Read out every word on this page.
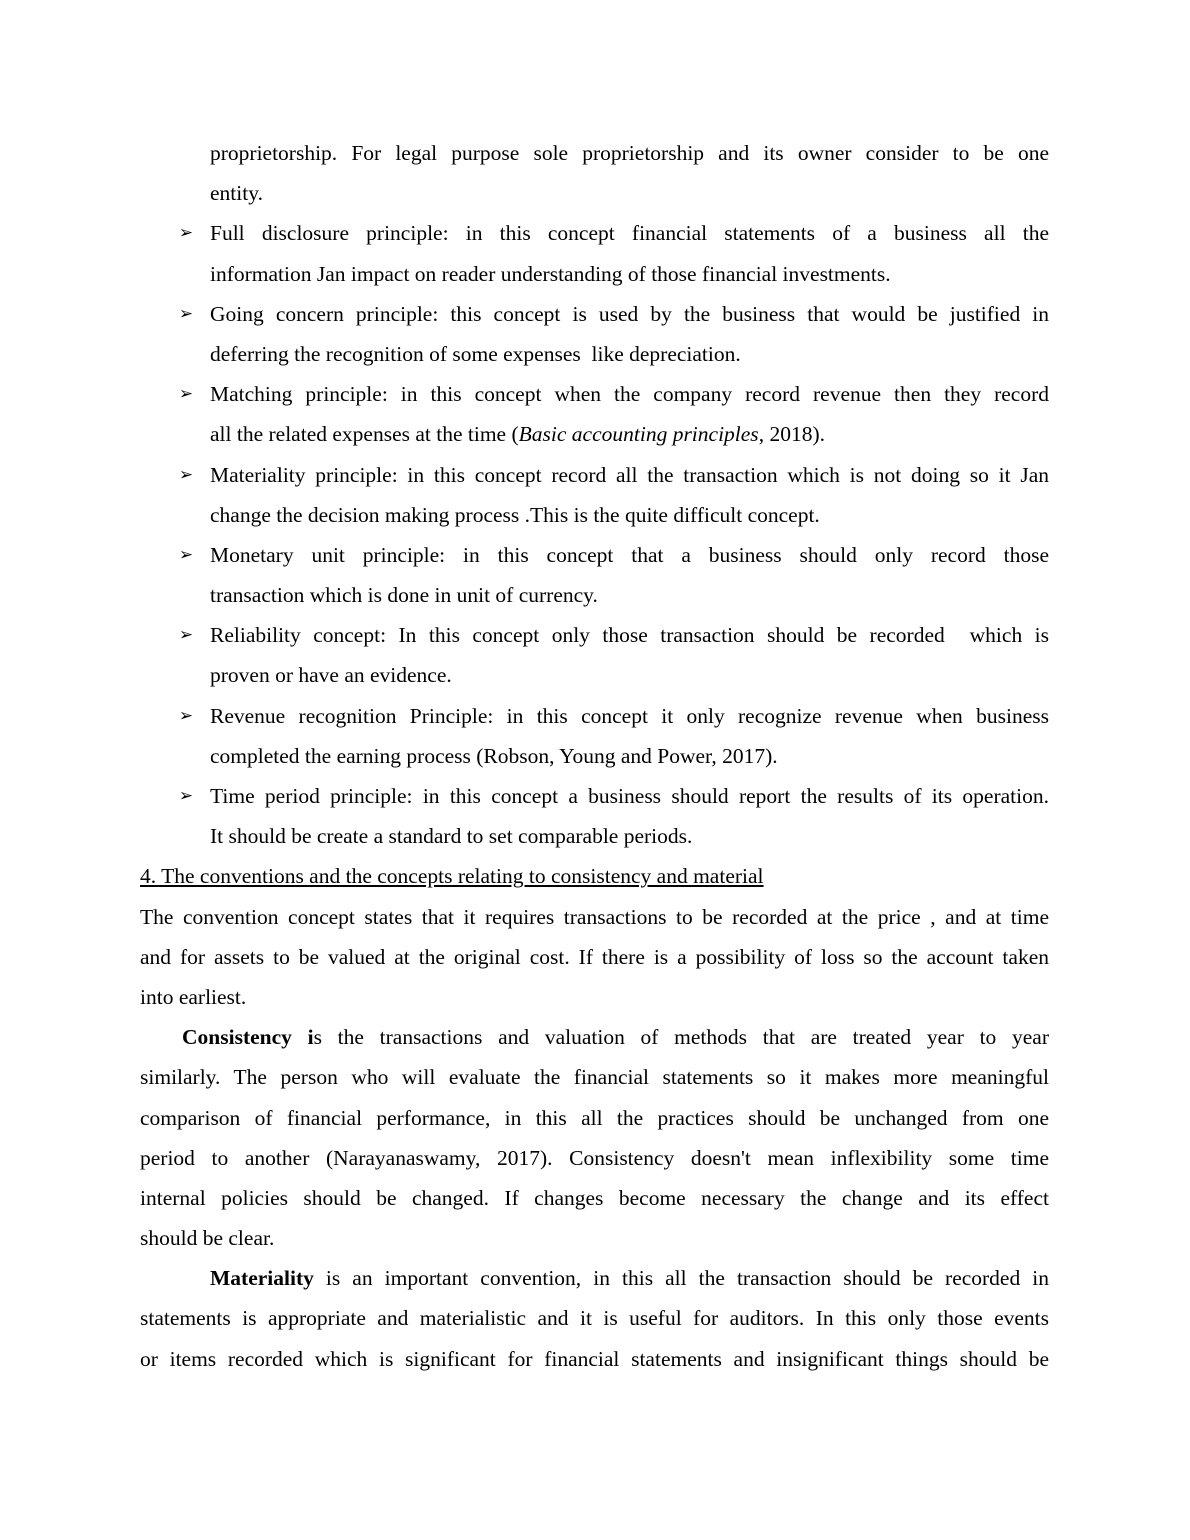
proprietorship. For legal purpose sole proprietorship and its owner consider to be one
entity.
➢ Full disclosure principle: in this concept financial statements of a business all the
information Jan impact on reader understanding of those financial investments.
➢ Going concern principle: this concept is used by the business that would be justified in
deferring the recognition of some expenses  like depreciation.
➢ Matching principle: in this concept when the company record revenue then they record
all the related expenses at the time (Basic accounting principles, 2018).
➢ Materiality principle: in this concept record all the transaction which is not doing so it Jan
change the decision making process .This is the quite difficult concept.
➢ Monetary unit principle: in this concept that a business should only record those
transaction which is done in unit of currency.
➢ Reliability concept: In this concept only those transaction should be recorded  which is
proven or have an evidence.
➢ Revenue recognition Principle: in this concept it only recognize revenue when business
completed the earning process (Robson, Young and Power, 2017).
➢ Time period principle: in this concept a business should report the results of its operation.
It should be create a standard to set comparable periods.
4. The conventions and the concepts relating to consistency and material
The convention concept states that it requires transactions to be recorded at the price , and at time
and for assets to be valued at the original cost. If there is a possibility of loss so the account taken
into earliest.
Consistency is the transactions and valuation of methods that are treated year to year
similarly. The person who will evaluate the financial statements so it makes more meaningful
comparison of financial performance, in this all the practices should be unchanged from one
period to another (Narayanaswamy, 2017). Consistency doesn't mean inflexibility some time
internal policies should be changed. If changes become necessary the change and its effect
should be clear.
Materiality is an important convention, in this all the transaction should be recorded in
statements is appropriate and materialistic and it is useful for auditors. In this only those events
or items recorded which is significant for financial statements and insignificant things should be
